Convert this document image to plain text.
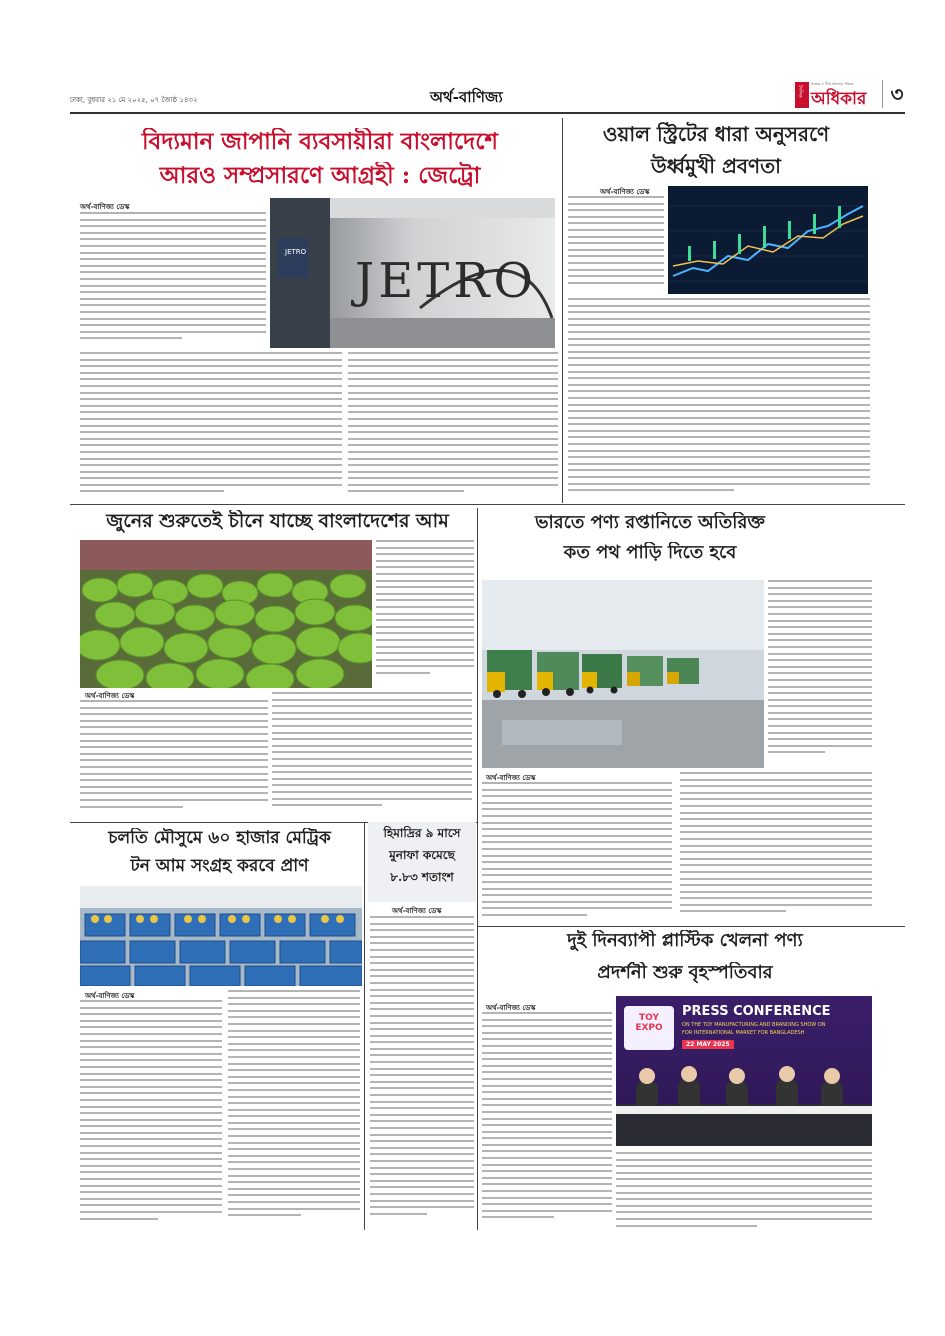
ঢাকা, বুধবার ২১ মে ২০২৫, ০৭ জ্যৈষ্ঠ ১৪৩২	অর্থ-বাণিজ্য	দৈনিক
সত্যের এ দীপ্ত আলোর পত্রিকা
অধিকার	৩
বিদ্যমান জাপানি ব্যবসায়ীরা বাংলাদেশে
আরও সম্প্রসারণে আগ্রহী : জেট্রো
অর্থ-বাণিজ্য ডেস্ক
JETRO
JETRO
ওয়াল স্ট্রিটের ধারা অনুসরণে
উর্ধ্বমুখী প্রবণতা
অর্থ-বাণিজ্য ডেস্ক
জুনের শুরুতেই চীনে যাচ্ছে বাংলাদেশের আম
অর্থ-বাণিজ্য ডেস্ক
ভারতে পণ্য রপ্তানিতে অতিরিক্ত
কত পথ পাড়ি দিতে হবে
অর্থ-বাণিজ্য ডেস্ক
চলতি মৌসুমে ৬০ হাজার মেট্রিক
টন আম সংগ্রহ করবে প্রাণ
অর্থ-বাণিজ্য ডেস্ক
হিমাদ্রির ৯ মাসে
মুনাফা কমেছে
৮.৮৩ শতাংশ
অর্থ-বাণিজ্য ডেস্ক
দুই দিনব্যাপী প্লাস্টিক খেলনা পণ্য
প্রদর্শনী শুরু বৃহস্পতিবার
অর্থ-বাণিজ্য ডেস্ক
TOY EXPO
PRESS CONFERENCE
ON THE TOY MANUFACTURING AND BRANDING SHOW ON
FOR INTERNATIONAL MARKET FOR BANGLADESH
22 MAY 2025
